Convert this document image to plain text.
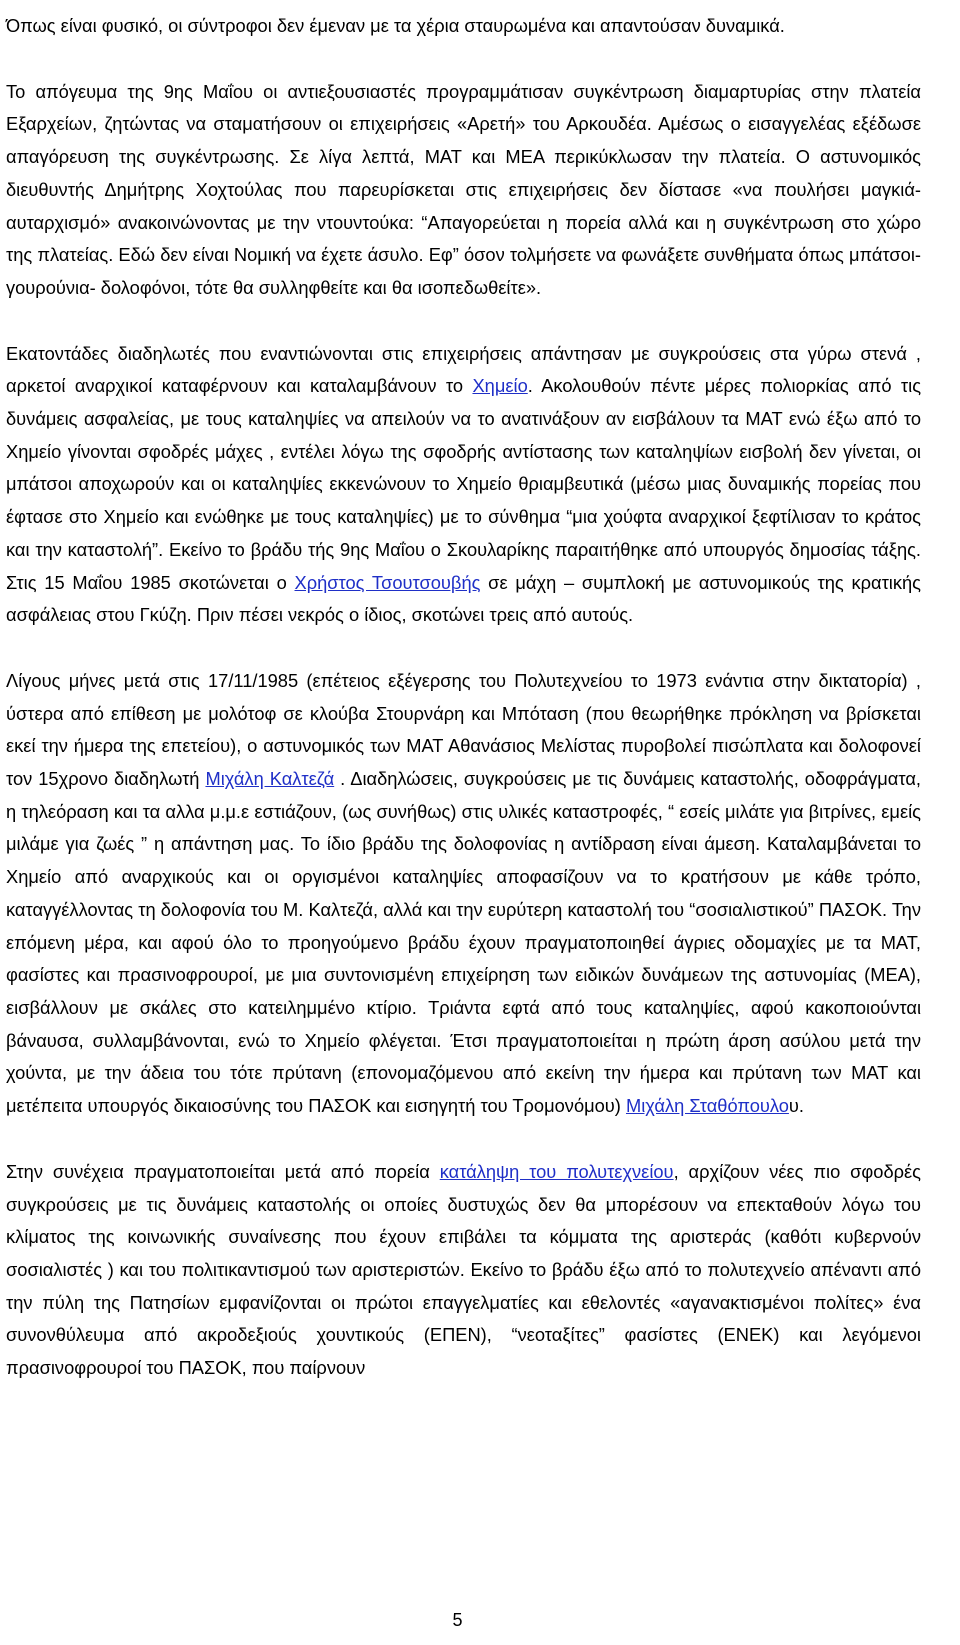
Όπως είναι φυσικό, οι σύντροφοι δεν έμεναν με τα χέρια σταυρωμένα και απαντούσαν δυναμικά.

Το απόγευμα της 9ης Μαΐου οι αντιεξουσιαστές προγραμμάτισαν συγκέντρωση διαμαρτυρίας στην πλατεία Εξαρχείων, ζητώντας να σταματήσουν οι επιχειρήσεις «Αρετή» του Αρκουδέα. Αμέσως ο εισαγγελέας εξέδωσε απαγόρευση της συγκέντρωσης. Σε λίγα λεπτά, ΜΑΤ και ΜΕΑ περικύκλωσαν την πλατεία. Ο αστυνομικός διευθυντής Δημήτρης Χοχτούλας που παρευρίσκεται στις επιχειρήσεις δεν δίστασε «να πουλήσει μαγκιά-αυταρχισμό» ανακοινώνοντας με την ντουντούκα: “Απαγορεύεται η πορεία αλλά και η συγκέντρωση στο χώρο της πλατείας. Εδώ δεν είναι Νομική να έχετε άσυλο. Εφ” όσον τολμήσετε να φωνάξετε συνθήματα όπως μπάτσοι-γουρούνια- δολοφόνοι, τότε θα συλληφθείτε και θα ισοπεδωθείτε».

Εκατοντάδες διαδηλωτές που εναντιώνονται στις επιχειρήσεις απάντησαν με συγκρούσεις στα γύρω στενά , αρκετοί αναρχικοί καταφέρνουν και καταλαμβάνουν το Χημείο. Ακολουθούν πέντε μέρες πολιορκίας από τις δυνάμεις ασφαλείας, με τους καταληψίες να απειλούν να το ανατινάξουν αν εισβάλουν τα ΜΑΤ ενώ έξω από το Χημείο γίνονται σφοδρές μάχες , εντέλει λόγω της σφοδρής αντίστασης των καταληψίων εισβολή δεν γίνεται, οι μπάτσοι αποχωρούν και οι καταληψίες εκκενώνουν το Χημείο θριαμβευτικά (μέσω μιας δυναμικής πορείας που έφτασε στο Χημείο και ενώθηκε με τους καταληψίες) με το σύνθημα “μια χούφτα αναρχικοί ξεφτίλισαν το κράτος και την καταστολή”. Εκείνο το βράδυ τής 9ης Μαΐου ο Σκουλαρίκης παραιτήθηκε από υπουργός δημοσίας τάξης. Στις 15 Μαΐου 1985 σκοτώνεται ο Χρήστος Τσουτσουβής σε μάχη – συμπλοκή με αστυνομικούς της κρατικής ασφάλειας στου Γκύζη. Πριν πέσει νεκρός ο ίδιος, σκοτώνει τρεις από αυτούς.

Λίγους μήνες μετά στις 17/11/1985 (επέτειος εξέγερσης του Πολυτεχνείου το 1973 ενάντια στην δικτατορία) , ύστερα από επίθεση με μολότοφ σε κλούβα Στουρνάρη και Μπόταση (που θεωρήθηκε πρόκληση να βρίσκεται εκεί την ήμερα της επετείου), ο αστυνομικός των ΜΑΤ Αθανάσιος Μελίστας πυροβολεί πισώπλατα και δολοφονεί τον 15χρονο διαδηλωτή Μιχάλη Καλτεζά . Διαδηλώσεις, συγκρούσεις με τις δυνάμεις καταστολής, οδοφράγματα, η τηλεόραση και τα αλλα μ.μ.ε εστιάζουν, (ως συνήθως) στις υλικές καταστροφές, “ εσείς μιλάτε για βιτρίνες, εμείς μιλάμε για ζωές ” η απάντηση μας. Το ίδιο βράδυ της δολοφονίας η αντίδραση είναι άμεση. Καταλαμβάνεται το Χημείο από αναρχικούς και οι οργισμένοι καταληψίες αποφασίζουν να το κρατήσουν με κάθε τρόπο, καταγγέλλοντας τη δολοφονία του Μ. Καλτεζά, αλλά και την ευρύτερη καταστολή του “σοσιαλιστικού” ΠΑΣΟΚ. Την επόμενη μέρα, και αφού όλο το προηγούμενο βράδυ έχουν πραγματοποιηθεί άγριες οδομαχίες με τα ΜΑΤ, φασίστες και πρασινοφρουροί, με μια συντονισμένη επιχείρηση των ειδικών δυνάμεων της αστυνομίας (ΜΕΑ), εισβάλλουν με σκάλες στο κατειλημμένο κτίριο. Τριάντα εφτά από τους καταληψίες, αφού κακοποιούνται βάναυσα, συλλαμβάνονται, ενώ το Χημείο φλέγεται. Έτσι πραγματοποιείται η πρώτη άρση ασύλου μετά την χούντα, με την άδεια του τότε πρύτανη (επονομαζόμενου από εκείνη την ήμερα και πρύτανη των ΜΑΤ και μετέπειτα υπουργός δικαιοσύνης του ΠΑΣΟΚ και εισηγητή του Τρομονόμου) Μιχάλη Σταθόπουλου.

Στην συνέχεια πραγματοποιείται μετά από πορεία κατάληψη του πολυτεχνείου, αρχίζουν νέες πιο σφοδρές συγκρούσεις με τις δυνάμεις καταστολής οι οποίες δυστυχώς δεν θα μπορέσουν να επεκταθούν λόγω του κλίματος της κοινωνικής συναίνεσης που έχουν επιβάλει τα κόμματα της αριστεράς (καθότι κυβερνούν σοσιαλιστές ) και του πολιτικαντισμού των αριστεριστών. Εκείνο το βράδυ έξω από το πολυτεχνείο απέναντι από την πύλη της Πατησίων εμφανίζονται οι πρώτοι επαγγελματίες και εθελοντές «αγανακτισμένοι πολίτες» ένα συνονθύλευμα από ακροδεξιούς χουντικούς (ΕΠΕΝ), “νεοταξίτες” φασίστες (ΕΝΕΚ) και λεγόμενοι πρασινοφρουροί του ΠΑΣΟΚ, που παίρνουν

5
